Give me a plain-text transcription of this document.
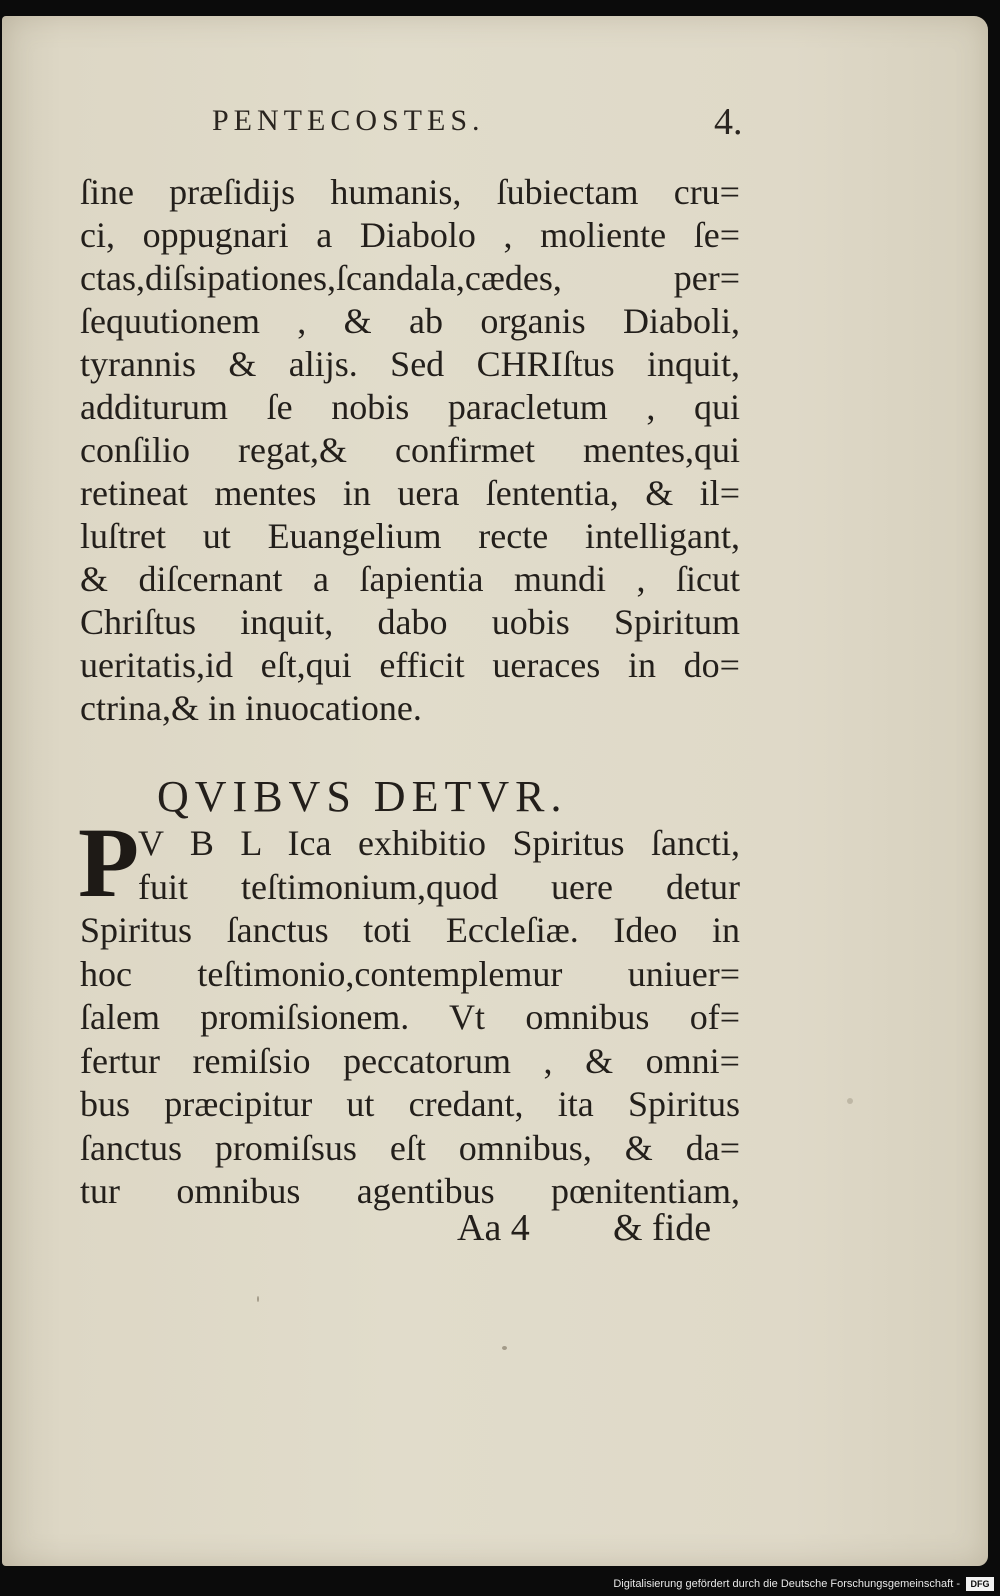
PENTECOSTES.	4.
ſine præſidijs humanis, ſubiectam cru=
ci, oppugnari a Diabolo , moliente ſe=
ctas,diſsipationes,ſcandala,cædes, per=
ſequutionem , & ab organis Diaboli,
tyrannis & alijs. Sed CHRIſtus inquit,
additurum ſe nobis paracletum , qui
conſilio regat,& confirmet mentes,qui
retineat mentes in uera ſententia, & il=
luſtret ut Euangelium recte intelligant,
& diſcernant a ſapientia mundi , ſicut
Chriſtus inquit, dabo uobis Spiritum
ueritatis,id eſt,qui efficit ueraces in do=
ctrina,& in inuocatione.
QVIBVS DETVR.
P
V B L Ica exhibitio Spiritus ſancti,
fuit teſtimonium,quod uere detur
Spiritus ſanctus toti Eccleſiæ. Ideo in
hoc teſtimonio,contemplemur uniuer=
ſalem promiſsionem. Vt omnibus of=
fertur remiſsio peccatorum , & omni=
bus præcipitur ut credant, ita Spiritus
ſanctus promiſsus eſt omnibus, & da=
tur omnibus agentibus pœnitentiam,
Aa 4 & fide
Digitalisierung gefördert durch die Deutsche Forschungsgemeinschaft -	DFG
